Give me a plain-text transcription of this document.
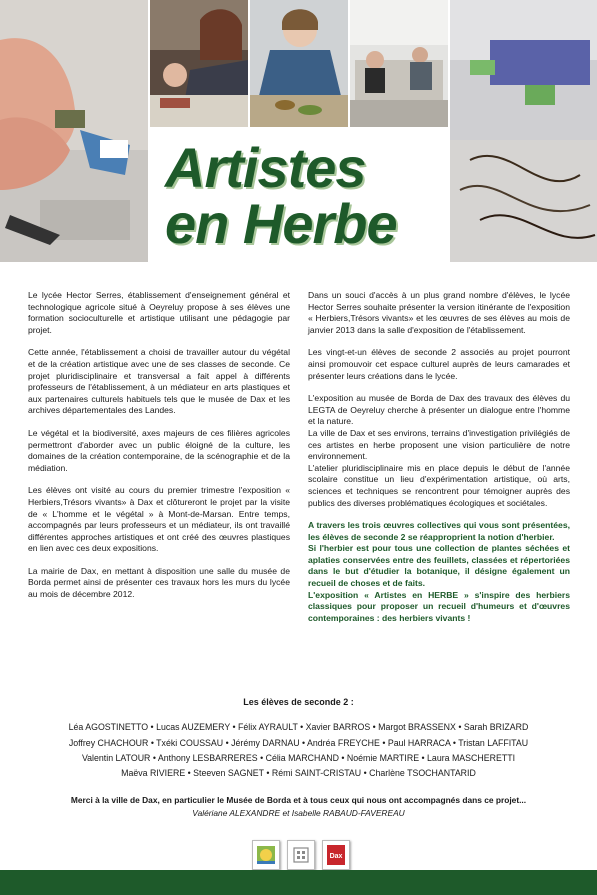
Artistes
en Herbe

Le lycée Hector Serres, établissement d'enseignement général et technologique agricole situé à Oeyreluy propose à ses élèves une formation socioculturelle et artistique utilisant une pédagogie par projet.

Cette année, l'établissement a choisi de travailler autour du végétal et de la création artistique avec une de ses classes de seconde. Ce projet pluridisciplinaire et transversal a fait appel à différents professeurs de l'établissement, à un médiateur en arts plastiques et aux partenaires culturels habituels tels que le musée de Dax et les archives départementales des Landes.

Le végétal et la biodiversité, axes majeurs de ces filières agricoles permettront d'aborder avec un public éloigné de la culture, les domaines de la création contemporaine, de la scénographie et de la médiation.

Les élèves ont visité au cours du premier trimestre l'exposition « Herbiers,Trésors vivants» à Dax et clôtureront le projet par la visite de « L'homme et le végétal » à Mont-de-Marsan. Entre temps, accompagnés par leurs professeurs et un médiateur, ils ont travaillé différentes approches artistiques et ont créé des œuvres plastiques en lien avec ces deux expositions.

La mairie de Dax, en mettant à disposition une salle du musée de Borda permet ainsi de présenter ces travaux hors les murs du lycée au mois de décembre 2012.

Dans un souci d'accès à un plus grand nombre d'élèves, le lycée Hector Serres souhaite présenter la version itinérante de l'exposition « Herbiers,Trésors vivants» et les œuvres de ses élèves au mois de janvier 2013 dans la salle d'exposition de l'établissement.

Les vingt-et-un élèves de seconde 2 associés au projet pourront ainsi promouvoir cet espace culturel auprès de leurs camarades et présenter leurs créations dans le lycée.

L'exposition au musée de Borda de Dax des travaux des élèves du LEGTA de Oeyreluy cherche à présenter un dialogue entre l'homme et la nature.

La ville de Dax et ses environs, terrains d'investigation privilégiés de ces artistes en herbe proposent une vision particulière de notre environnement.

L'atelier pluridisciplinaire mis en place depuis le début de l'année scolaire constitue un lieu d'expérimentation artistique, où arts, sciences et techniques se rencontrent pour témoigner auprès des publics des diverses problématiques écologiques et sociétales.

A travers les trois œuvres collectives qui vous sont présentées, les élèves de seconde 2 se réapproprient la notion d'herbier.

Si l'herbier est pour tous une collection de plantes séchées et aplaties conservées entre des feuillets, classées et répertoriées dans le but d'étudier la botanique, il désigne également un recueil de choses et de faits.

L'exposition « Artistes en HERBE » s'inspire des herbiers classiques pour proposer un recueil d'humeurs et d'œuvres contemporaines : des herbiers vivants !

Les élèves de seconde 2 :
Léa AGOSTINETTO • Lucas AUZEMERY • Félix AYRAULT • Xavier BARROS • Margot BRASSENX • Sarah BRIZARD
Joffrey CHACHOUR • Txéki COUSSAU • Jérémy DARNAU • Andréa FREYCHE • Paul HARRACA • Tristan LAFFITAU
Valentin LATOUR • Anthony LESBARRERES • Célia MARCHAND • Noémie MARTIRE • Laura MASCHERETTI
Maëva RIVIERE • Steeven SAGNET • Rémi SAINT-CRISTAU • Charlène TSOCHANTARID
Merci à la ville de Dax, en particulier le Musée de Borda et à tous ceux qui nous ont accompagnés dans ce projet...
Valériane ALEXANDRE et Isabelle RABAUD-FAVEREAU
Dax
